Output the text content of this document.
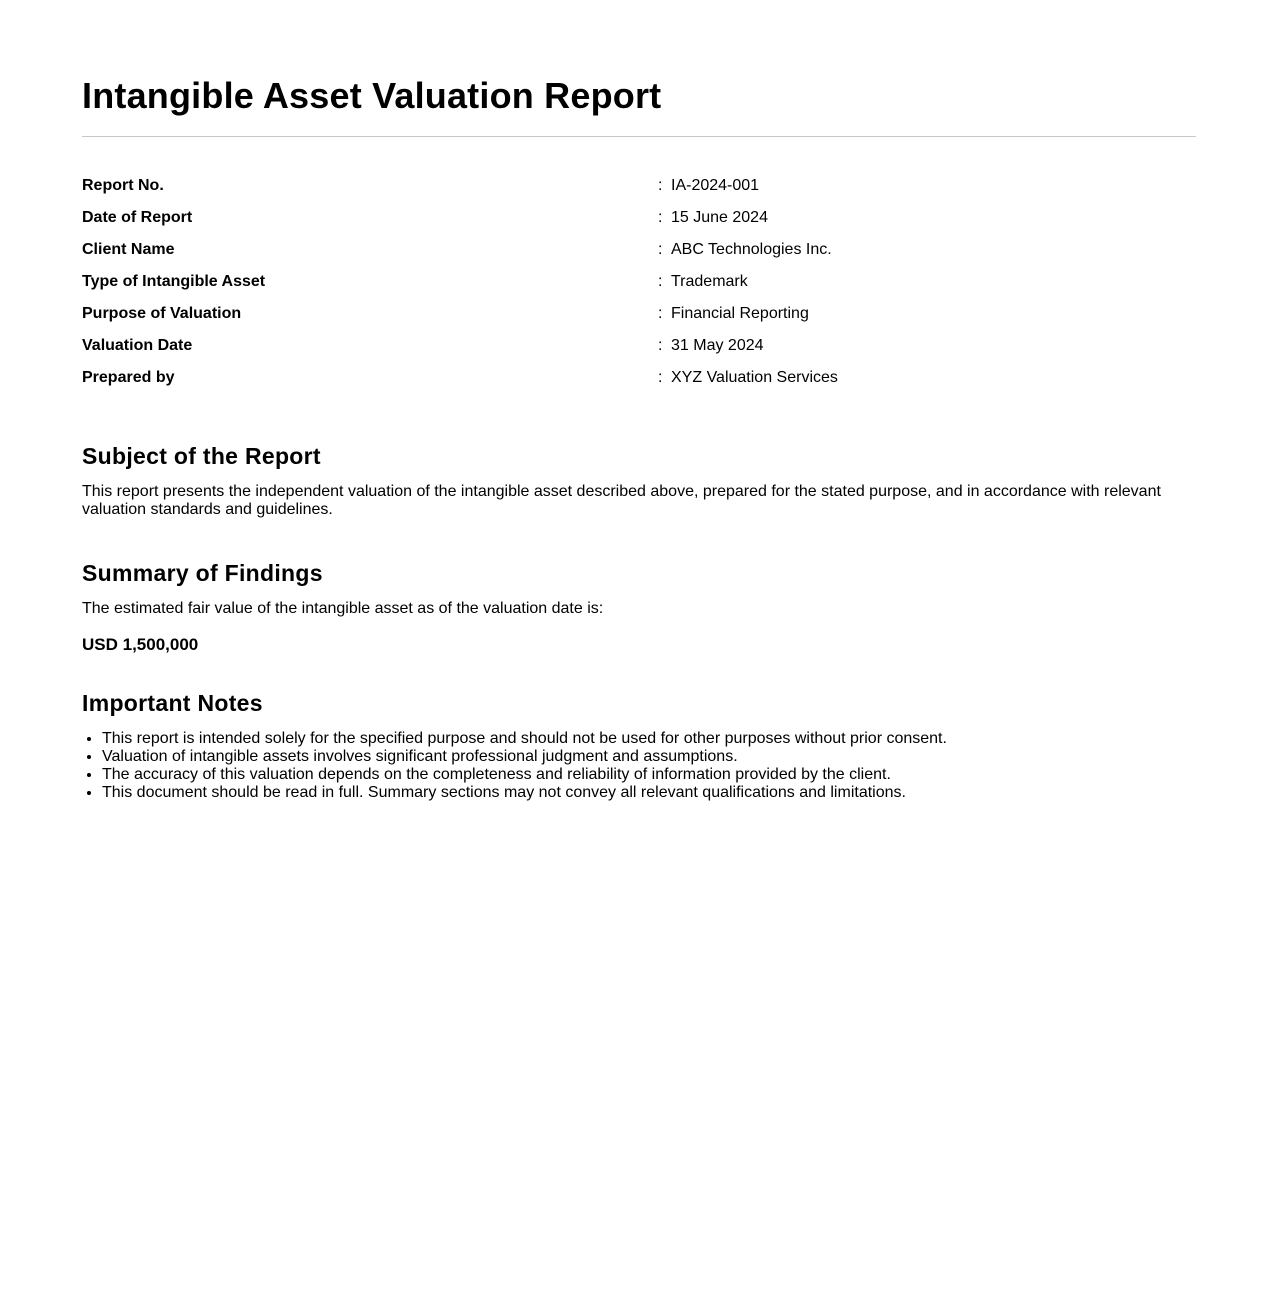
Intangible Asset Valuation Report
Report No.	: IA-2024-001
Date of Report	: 15 June 2024
Client Name	: ABC Technologies Inc.
Type of Intangible Asset	: Trademark
Purpose of Valuation	: Financial Reporting
Valuation Date	: 31 May 2024
Prepared by	: XYZ Valuation Services
Subject of the Report

This report presents the independent valuation of the intangible asset described above, prepared for the stated purpose, and in accordance with relevant valuation standards and guidelines.

Summary of Findings

The estimated fair value of the intangible asset as of the valuation date is:

USD 1,500,000
Important Notes
• This report is intended solely for the specified purpose and should not be used for other purposes without prior consent.
• Valuation of intangible assets involves significant professional judgment and assumptions.
• The accuracy of this valuation depends on the completeness and reliability of information provided by the client.
• This document should be read in full. Summary sections may not convey all relevant qualifications and limitations.
